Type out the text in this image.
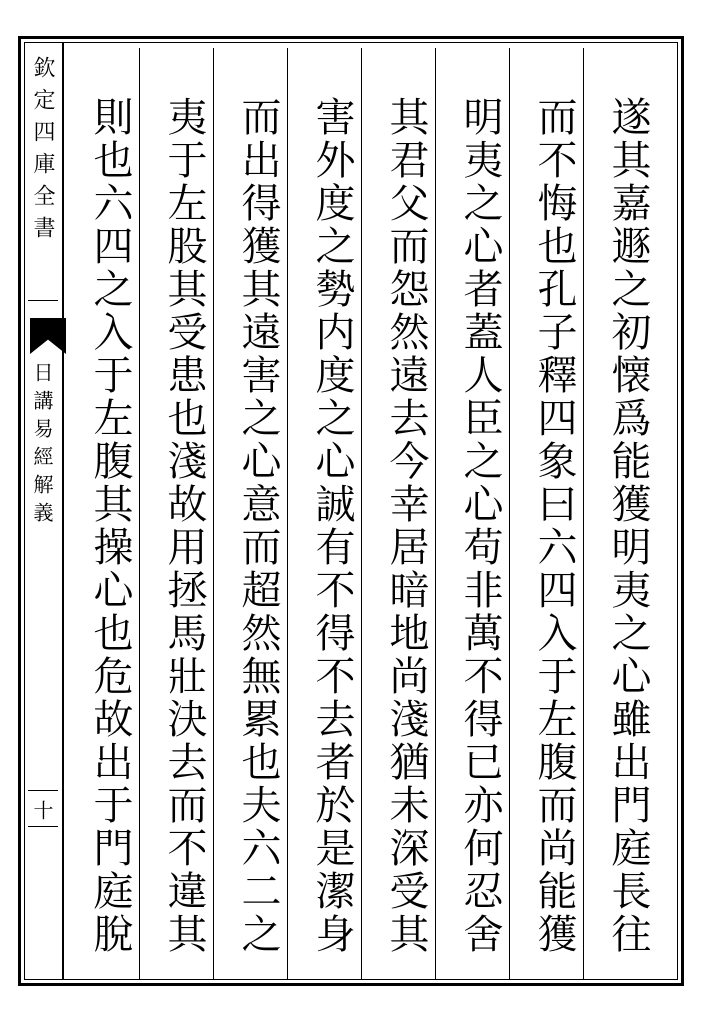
欽定四庫全書
日講易經解義
十	遂其嘉遯之初懐爲能獲明夷之心雖出門庭長往
而不悔也孔子釋四象曰六四入于左腹而尚能獲
明夷之心者蓋人臣之心苟非萬不得已亦何忍舍
其君父而怨然遠去今幸居暗地尚淺猶未深受其
害外度之勢内度之心誠有不得不去者於是潔身
而出得獲其遠害之心意而超然無累也夫六二之
夷于左股其受患也淺故用拯馬壯決去而不違其
則也六四之入于左腹其操心也危故出于門庭脫
